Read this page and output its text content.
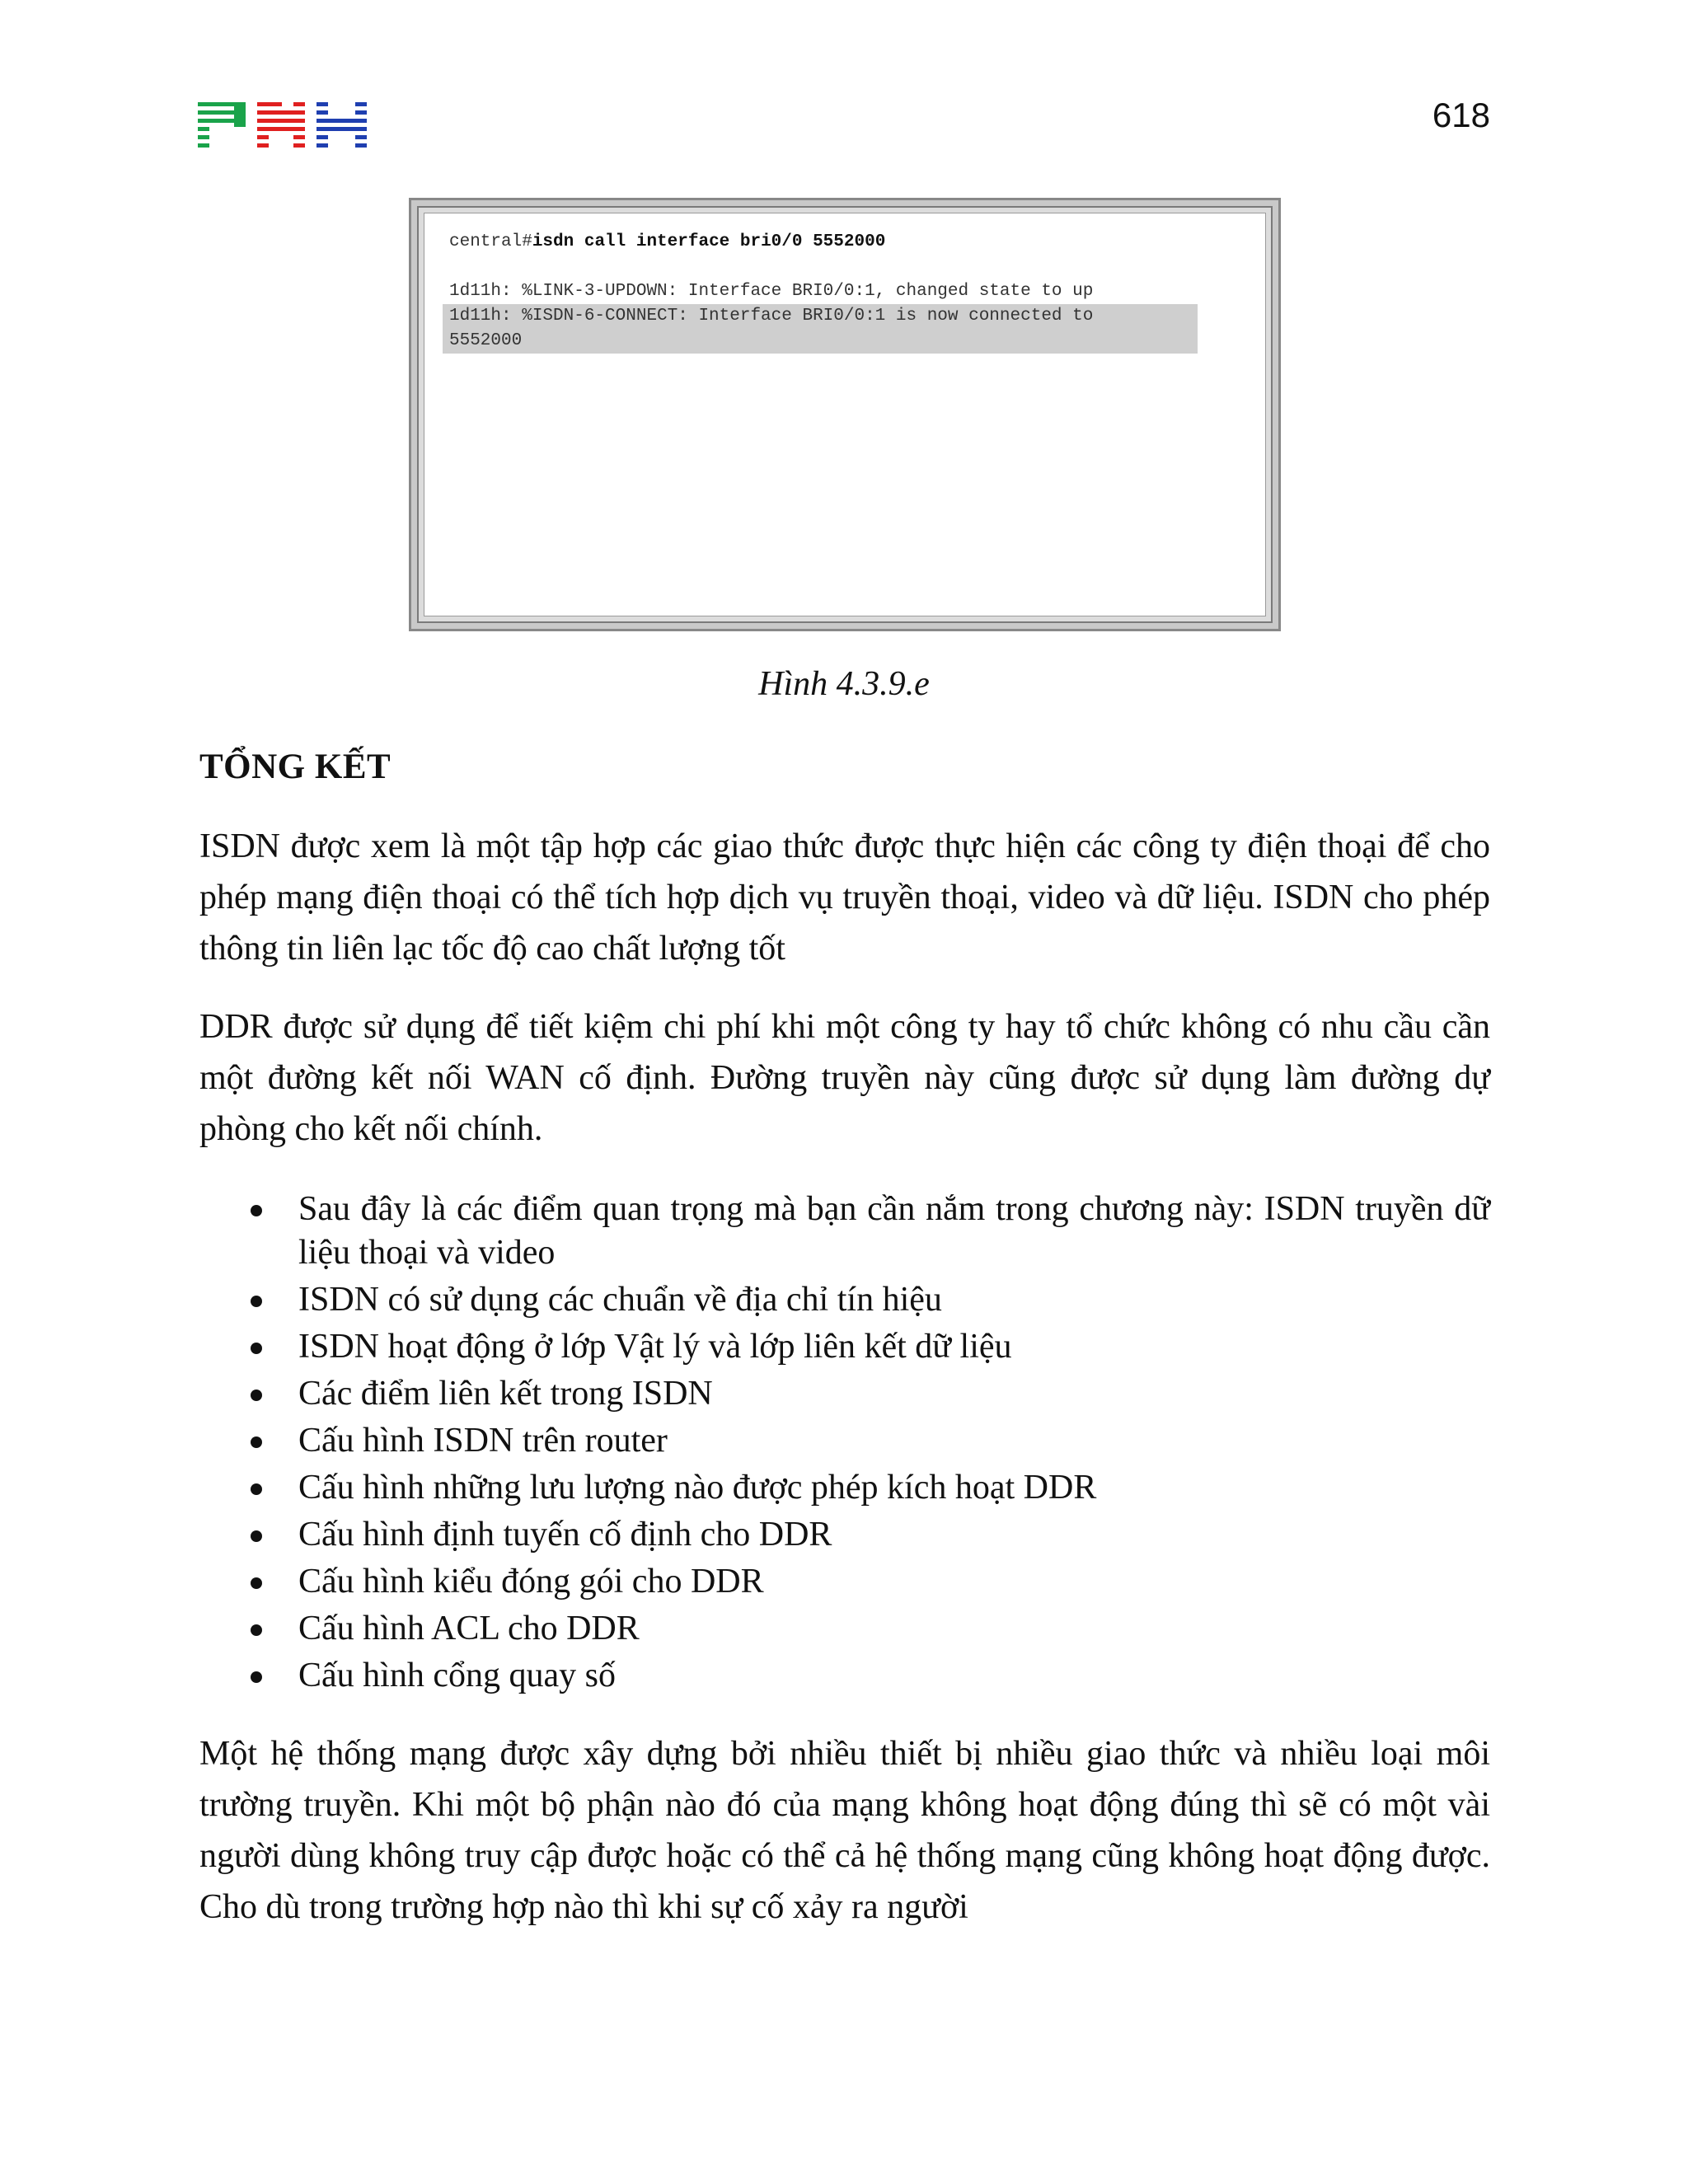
618
central#isdn call interface bri0/0 5552000
1d11h: %LINK-3-UPDOWN: Interface BRI0/0:1, changed state to up
1d11h: %ISDN-6-CONNECT: Interface BRI0/0:1 is now connected to
5552000
Hình 4.3.9.e
TỔNG KẾT

ISDN được xem là một tập hợp các giao thức được thực hiện các công ty điện thoại để cho phép mạng điện thoại có thể tích hợp dịch vụ truyền thoại, video và dữ liệu. ISDN cho phép thông tin liên lạc tốc độ cao chất lượng tốt

DDR được sử dụng để tiết kiệm chi phí khi một công ty hay tổ chức không có nhu cầu cần một đường kết nối WAN cố định. Đường truyền này cũng được sử dụng làm đường dự phòng cho kết nối chính.

Sau đây là các điểm quan trọng mà bạn cần nắm trong chương này: ISDN truyền dữ liệu thoại và video
ISDN có sử dụng các chuẩn về địa chỉ tín hiệu
ISDN hoạt động ở lớp Vật lý và lớp liên kết dữ liệu
Các điểm liên kết trong ISDN
Cấu hình ISDN trên router
Cấu hình những lưu lượng nào được phép kích hoạt DDR
Cấu hình định tuyến cố định cho DDR
Cấu hình kiểu đóng gói cho DDR
Cấu hình ACL cho DDR
Cấu hình cổng quay số

Một hệ thống mạng được xây dựng bởi nhiều thiết bị nhiều giao thức và nhiều loại môi trường truyền. Khi một bộ phận nào đó của mạng không hoạt động đúng thì sẽ có một vài người dùng không truy cập được hoặc có thể cả hệ thống mạng cũng không hoạt động được. Cho dù trong trường hợp nào thì khi sự cố xảy ra người
